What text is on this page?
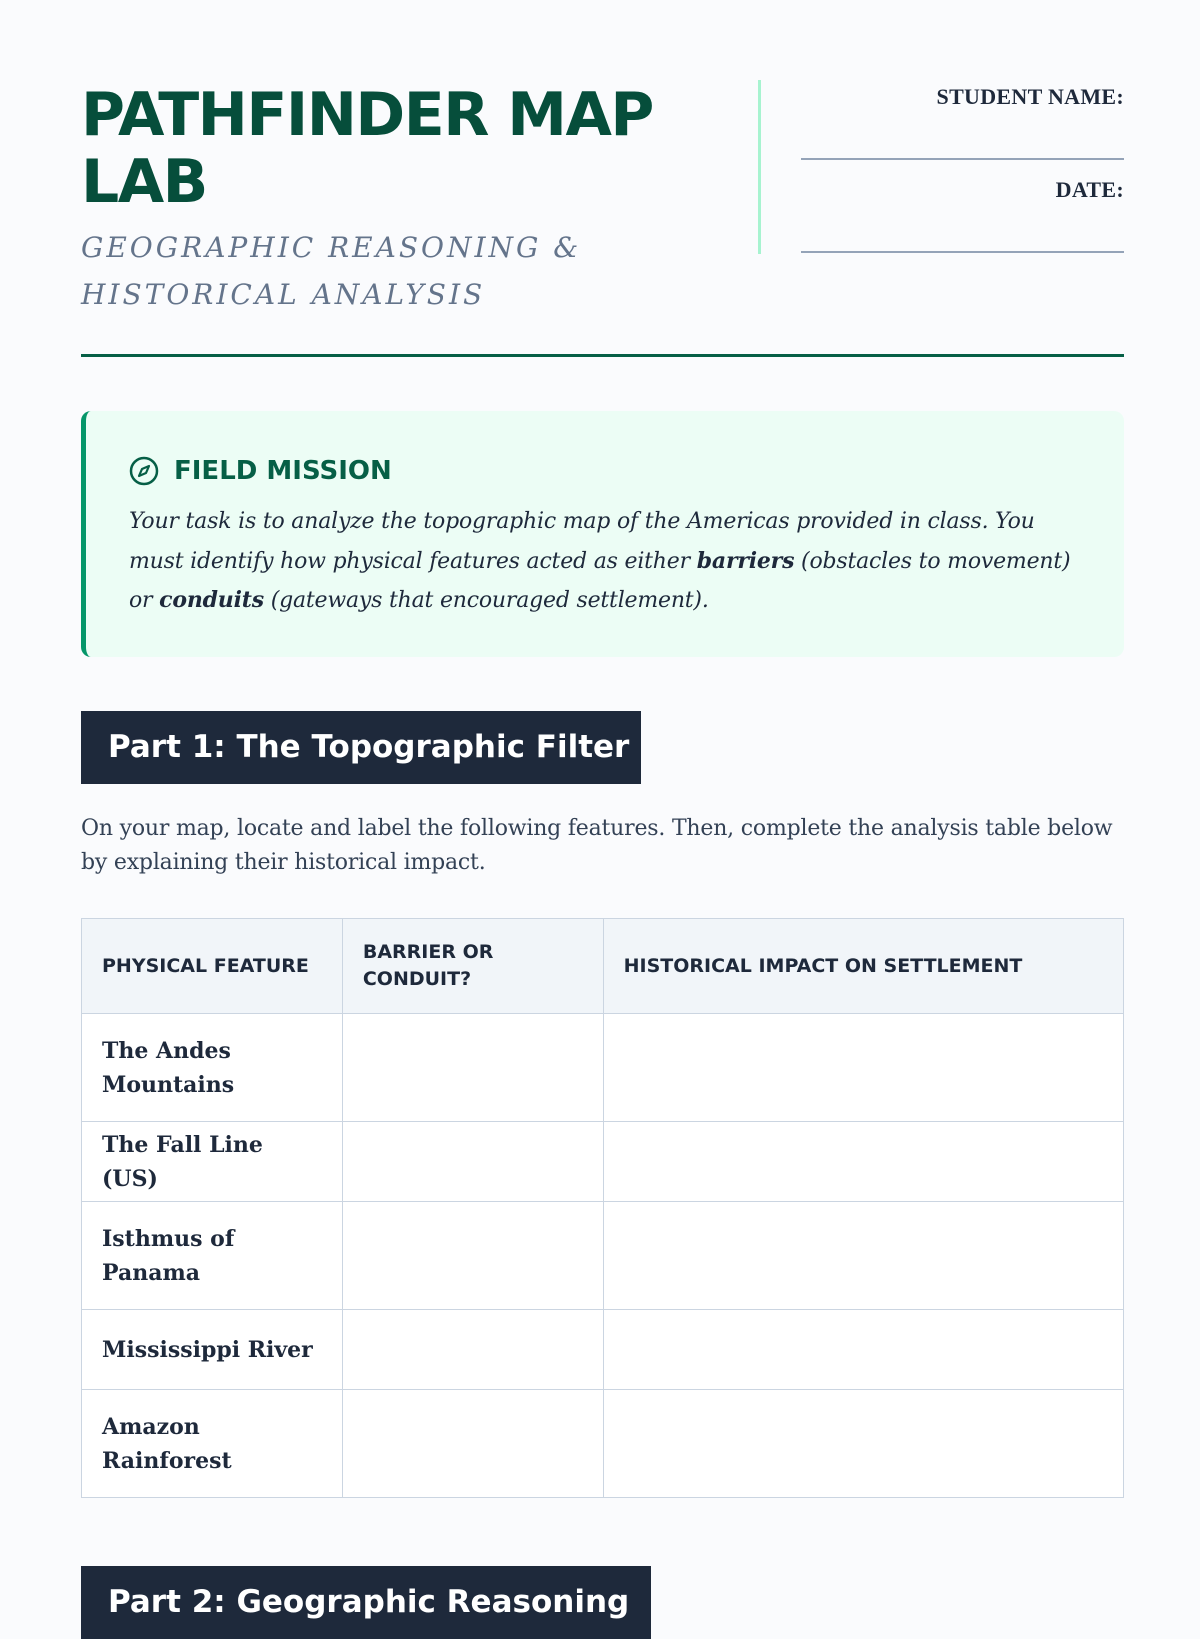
PATHFINDER MAP LAB
GEOGRAPHIC REASONING & HISTORICAL ANALYSIS
STUDENT NAME:
DATE:
FIELD MISSION
Your task is to analyze the topographic map of the Americas provided in class. You must identify how physical features acted as either barriers (obstacles to movement) or conduits (gateways that encouraged settlement).
Part 1: The Topographic Filter
On your map, locate and label the following features. Then, complete the analysis table below by explaining their historical impact.
PHYSICAL FEATURE	BARRIER OR CONDUIT?	HISTORICAL IMPACT ON SETTLEMENT
The Andes Mountains		
The Fall Line (US)		
Isthmus of Panama		
Mississippi River		
Amazon Rainforest		
Part 2: Geographic Reasoning
